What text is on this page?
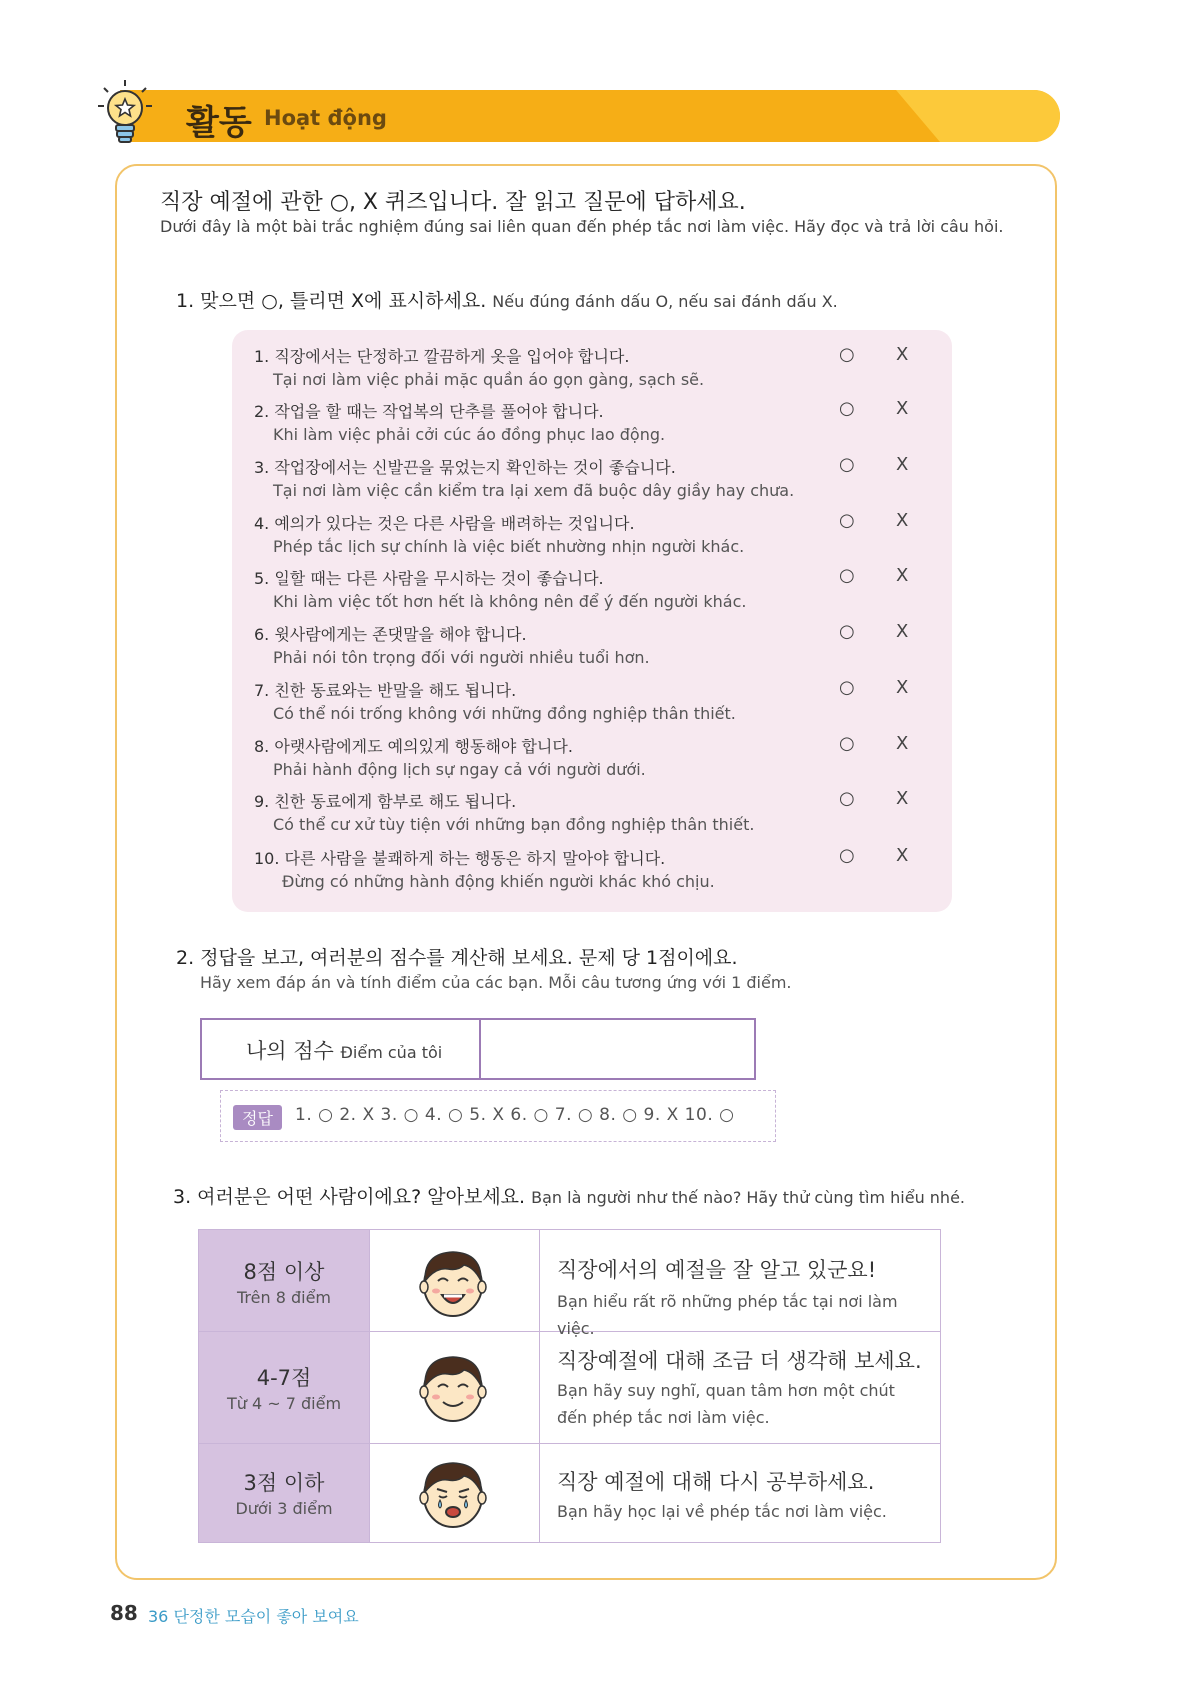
활동 Hoạt động
직장 예절에 관한 ○, X 퀴즈입니다. 잘 읽고 질문에 답하세요.
Dưới đây là một bài trắc nghiệm đúng sai liên quan đến phép tắc nơi làm việc. Hãy đọc và trả lời câu hỏi.
1. 맞으면 ○, 틀리면 X에 표시하세요. Nếu đúng đánh dấu O, nếu sai đánh dấu X.
1. 직장에서는 단정하고 깔끔하게 옷을 입어야 합니다.
Tại nơi làm việc phải mặc quần áo gọn gàng, sạch sẽ.
2. 작업을 할 때는 작업복의 단추를 풀어야 합니다.
Khi làm việc phải cởi cúc áo đồng phục lao động.
3. 작업장에서는 신발끈을 묶었는지 확인하는 것이 좋습니다.
Tại nơi làm việc cần kiểm tra lại xem đã buộc dây giầy hay chưa.
4. 예의가 있다는 것은 다른 사람을 배려하는 것입니다.
Phép tắc lịch sự chính là việc biết nhường nhịn người khác.
5. 일할 때는 다른 사람을 무시하는 것이 좋습니다.
Khi làm việc tốt hơn hết là không nên để ý đến người khác.
6. 윗사람에게는 존댓말을 해야 합니다.
Phải nói tôn trọng đối với người nhiều tuổi hơn.
7. 친한 동료와는 반말을 해도 됩니다.
Có thể nói trống không với những đồng nghiệp thân thiết.
8. 아랫사람에게도 예의있게 행동해야 합니다.
Phải hành động lịch sự ngay cả với người dưới.
9. 친한 동료에게 함부로 해도 됩니다.
Có thể cư xử tùy tiện với những bạn đồng nghiệp thân thiết.
10. 다른 사람을 불쾌하게 하는 행동은 하지 말아야 합니다.
Đừng có những hành động khiến người khác khó chịu.
○ X
○ X
○ X
○ X
○ X
○ X
○ X
○ X
○ X
○ X
2. 정답을 보고, 여러분의 점수를 계산해 보세요. 문제 당 1점이에요.
Hãy xem đáp án và tính điểm của các bạn. Mỗi câu tương ứng với 1 điểm.
나의 점수 Điểm của tôi
정답	1. ○ 2. X 3. ○ 4. ○ 5. X 6. ○ 7. ○ 8. ○ 9. X 10. ○
3. 여러분은 어떤 사람이에요? 알아보세요. Bạn là người như thế nào? Hãy thử cùng tìm hiểu nhé.
8점 이상
Trên 8 điểm
직장에서의 예절을 잘 알고 있군요!
Bạn hiểu rất rõ những phép tắc tại nơi làm việc.
4-7점
Từ 4 ~ 7 điểm
직장예절에 대해 조금 더 생각해 보세요.
Bạn hãy suy nghĩ, quan tâm hơn một chút đến phép tắc nơi làm việc.
3점 이하
Dưới 3 điểm
직장 예절에 대해 다시 공부하세요.
Bạn hãy học lại về phép tắc nơi làm việc.
88 36 단정한 모습이 좋아 보여요
